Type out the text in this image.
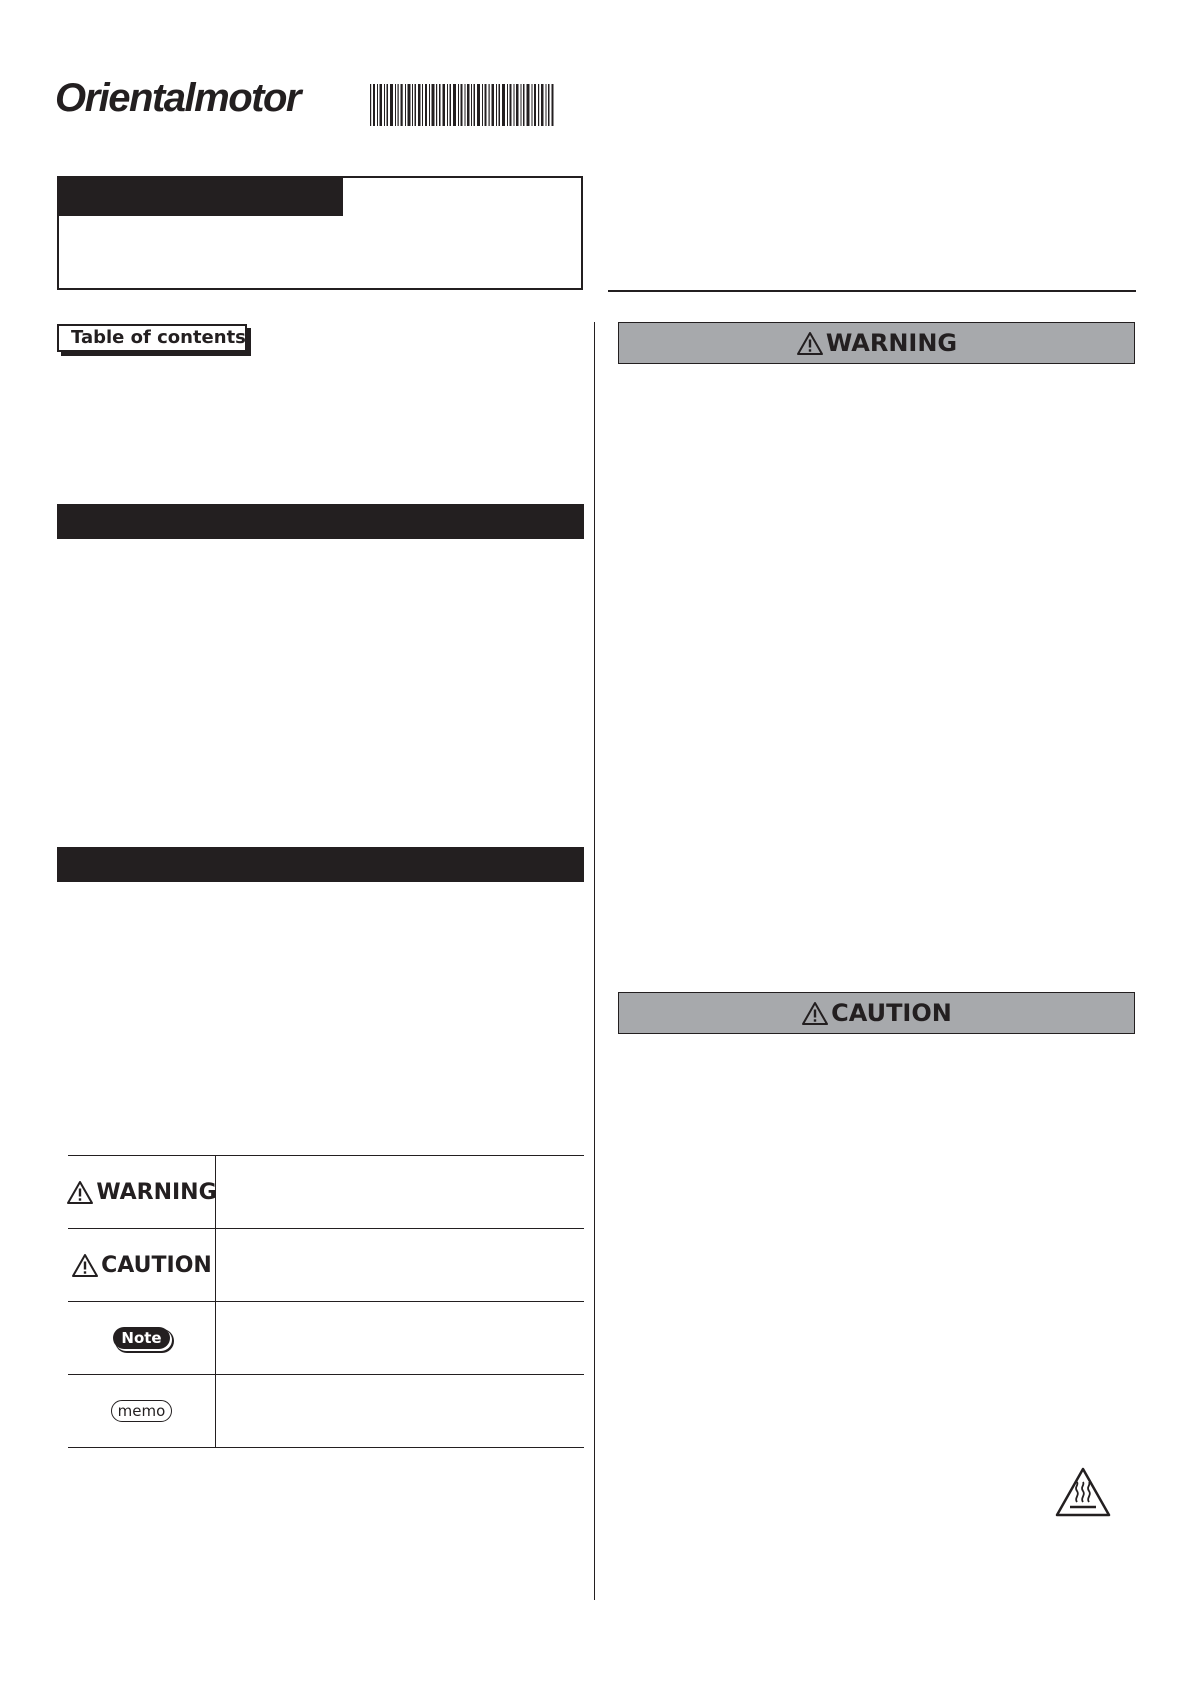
Orientalmotor
Table of contents
WARNING
CAUTION
Note
memo
WARNING
CAUTION
